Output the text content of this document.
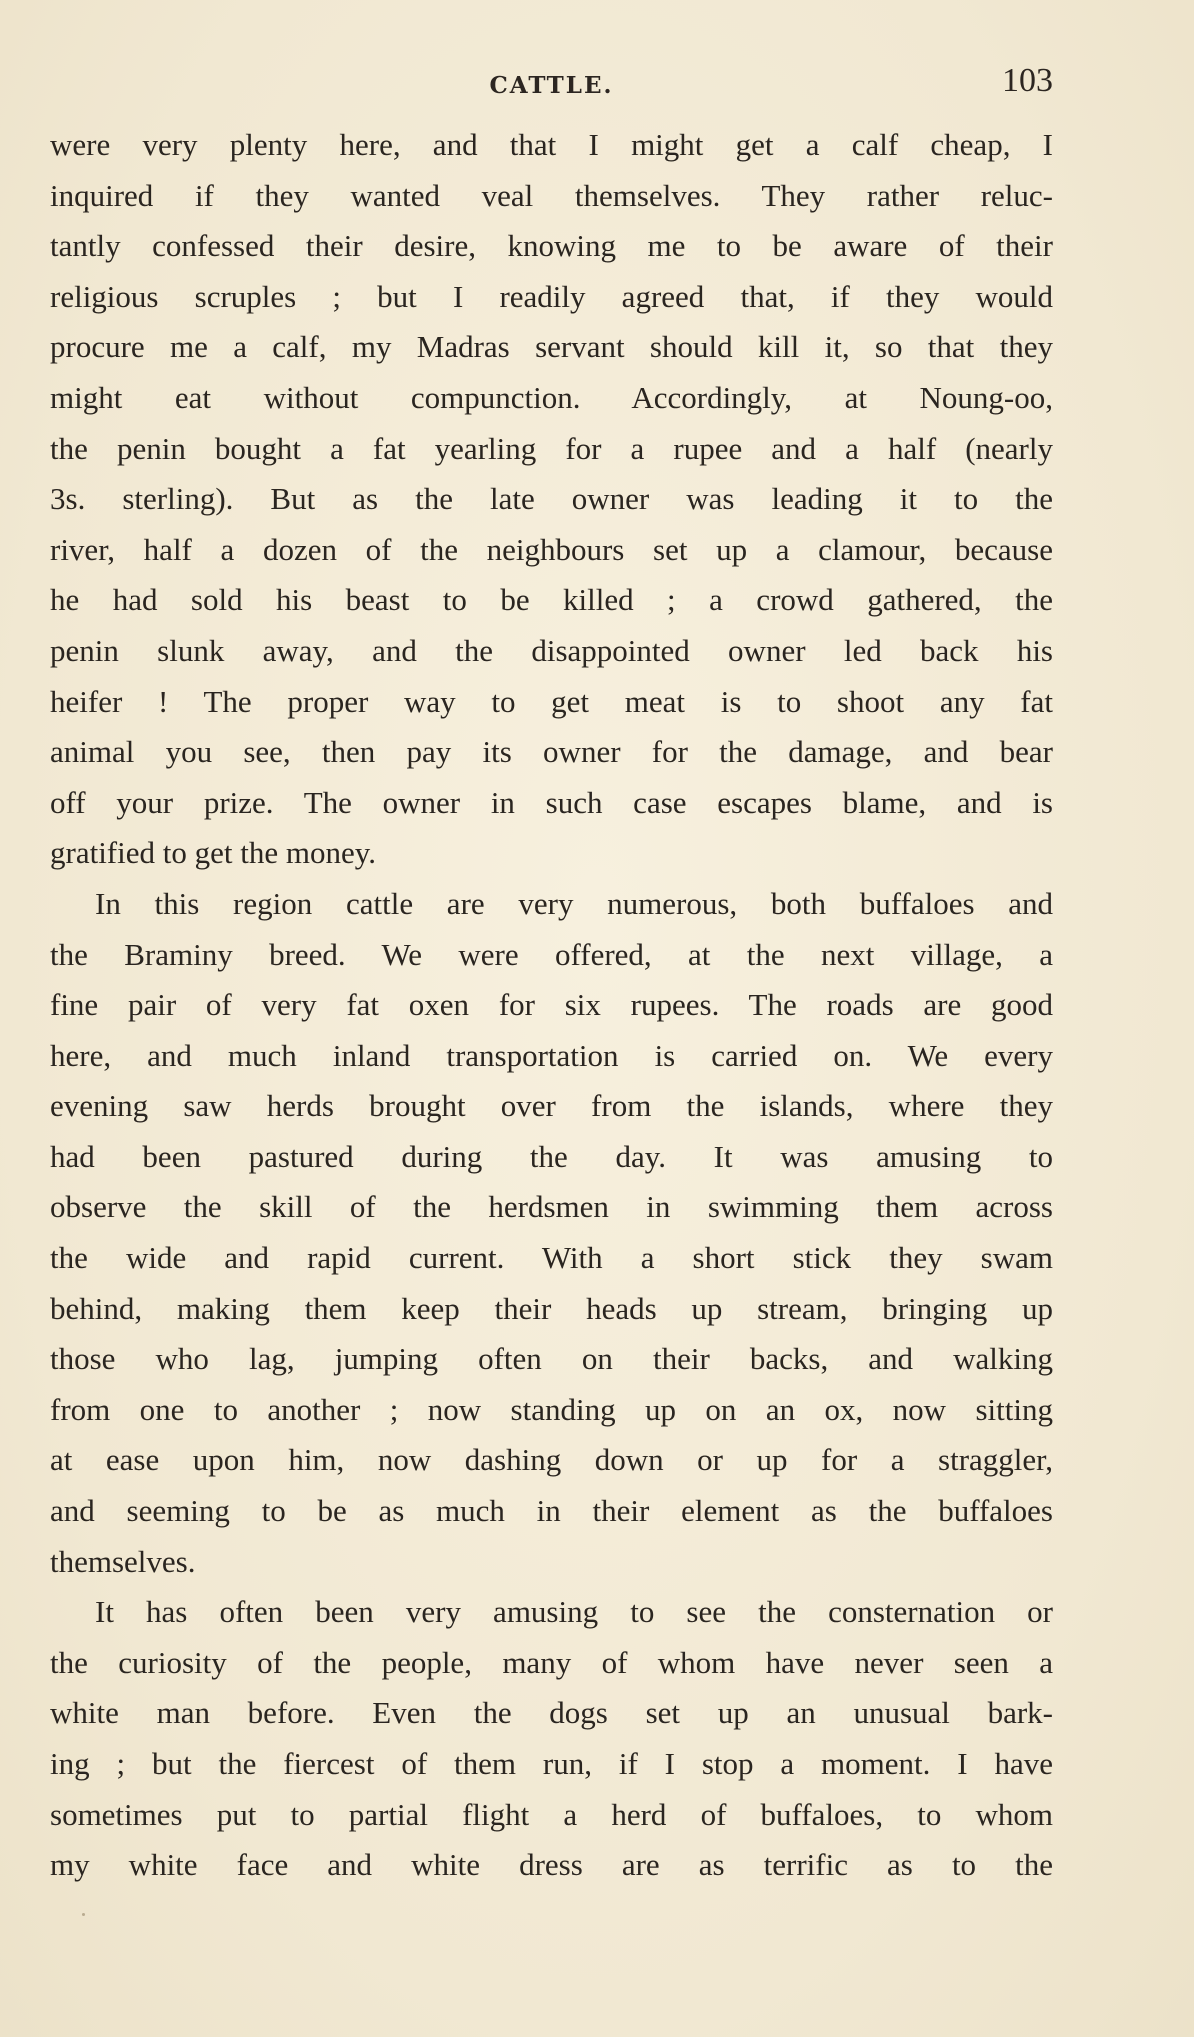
CATTLE.	103
were very plenty here, and that I might get a calf cheap, I
inquired if they wanted veal themselves. They rather reluc-
tantly confessed their desire, knowing me to be aware of their
religious scruples ; but I readily agreed that, if they would
procure me a calf, my Madras servant should kill it, so that they
might eat without compunction. Accordingly, at Noung-oo,
the penin bought a fat yearling for a rupee and a half (nearly
3s. sterling). But as the late owner was leading it to the
river, half a dozen of the neighbours set up a clamour, because
he had sold his beast to be killed ; a crowd gathered, the
penin slunk away, and the disappointed owner led back his
heifer ! The proper way to get meat is to shoot any fat
animal you see, then pay its owner for the damage, and bear
off your prize. The owner in such case escapes blame, and is
gratified to get the money.
In this region cattle are very numerous, both buffaloes and
the Braminy breed. We were offered, at the next village, a
fine pair of very fat oxen for six rupees. The roads are good
here, and much inland transportation is carried on. We every
evening saw herds brought over from the islands, where they
had been pastured during the day. It was amusing to
observe the skill of the herdsmen in swimming them across
the wide and rapid current. With a short stick they swam
behind, making them keep their heads up stream, bringing up
those who lag, jumping often on their backs, and walking
from one to another ; now standing up on an ox, now sitting
at ease upon him, now dashing down or up for a straggler,
and seeming to be as much in their element as the buffaloes
themselves.
It has often been very amusing to see the consternation or
the curiosity of the people, many of whom have never seen a
white man before. Even the dogs set up an unusual bark-
ing ; but the fiercest of them run, if I stop a moment. I have
sometimes put to partial flight a herd of buffaloes, to whom
my white face and white dress are as terrific as to the
